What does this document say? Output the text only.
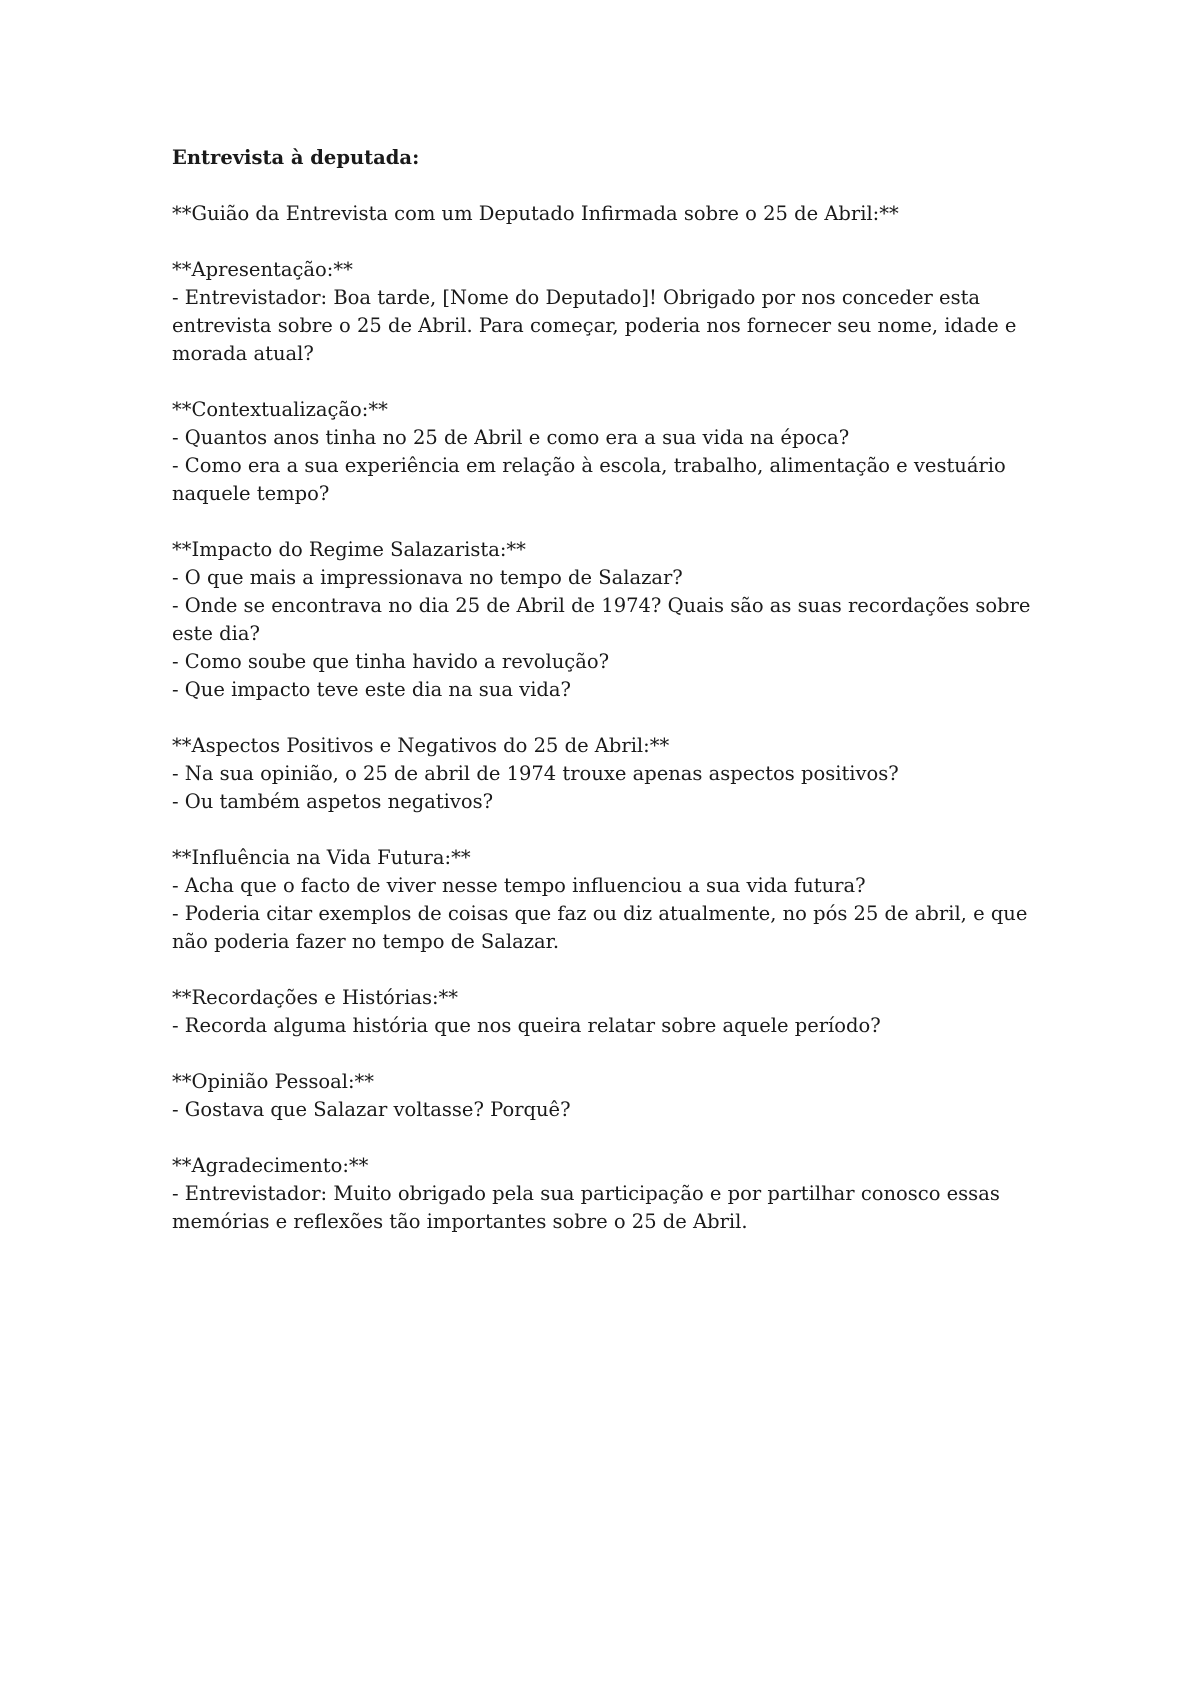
Entrevista à deputada:

**Guião da Entrevista com um Deputado Infirmada sobre o 25 de Abril:**

**Apresentação:**

- Entrevistador: Boa tarde, [Nome do Deputado]! Obrigado por nos conceder esta entrevista sobre o 25 de Abril. Para começar, poderia nos fornecer seu nome, idade e morada atual?

**Contextualização:**

- Quantos anos tinha no 25 de Abril e como era a sua vida na época?

- Como era a sua experiência em relação à escola, trabalho, alimentação e vestuário naquele tempo?

**Impacto do Regime Salazarista:**

- O que mais a impressionava no tempo de Salazar?

- Onde se encontrava no dia 25 de Abril de 1974? Quais são as suas recordações sobre este dia?

- Como soube que tinha havido a revolução?

- Que impacto teve este dia na sua vida?

**Aspectos Positivos e Negativos do 25 de Abril:**

- Na sua opinião, o 25 de abril de 1974 trouxe apenas aspectos positivos?

- Ou também aspetos negativos?

**Influência na Vida Futura:**

- Acha que o facto de viver nesse tempo influenciou a sua vida futura?

- Poderia citar exemplos de coisas que faz ou diz atualmente, no pós 25 de abril, e que não poderia fazer no tempo de Salazar.

**Recordações e Histórias:**

- Recorda alguma história que nos queira relatar sobre aquele período?

**Opinião Pessoal:**

- Gostava que Salazar voltasse? Porquê?

**Agradecimento:**

- Entrevistador: Muito obrigado pela sua participação e por partilhar conosco essas memórias e reflexões tão importantes sobre o 25 de Abril.
